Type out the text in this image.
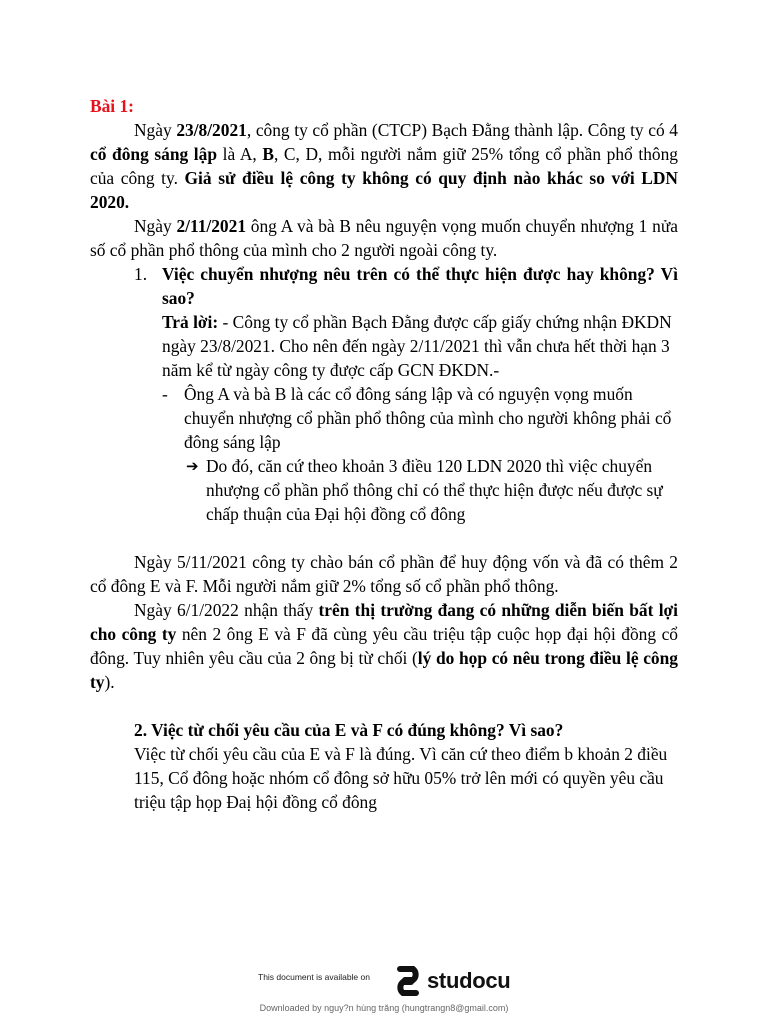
Bài 1:

Ngày 23/8/2021, công ty cổ phần (CTCP) Bạch Đằng thành lập. Công ty có 4 cổ đông sáng lập là A, B, C, D, mỗi người nắm giữ 25% tổng cổ phần phổ thông của công ty. Giả sử điều lệ công ty không có quy định nào khác so với LDN 2020.

Ngày 2/11/2021 ông A và bà B nêu nguyện vọng muốn chuyển nhượng 1 nửa số cổ phần phổ thông của mình cho 2 người ngoài công ty.

1. Việc chuyển nhượng nêu trên có thể thực hiện được hay không? Vì sao?
Trả lời: - Công ty cổ phần Bạch Đằng được cấp giấy chứng nhận ĐKDN ngày 23/8/2021. Cho nên đến ngày 2/11/2021 thì vẫn chưa hết thời hạn 3 năm kể từ ngày công ty được cấp GCN ĐKDN.-
- Ông A và bà B là các cổ đông sáng lập và có nguyện vọng muốn chuyển nhượng cổ phần phổ thông của mình cho người không phải cổ đông sáng lập
➔ Do đó, căn cứ theo khoản 3 điều 120 LDN 2020 thì việc chuyển nhượng cổ phần phổ thông chỉ có thể thực hiện được nếu được sự chấp thuận của Đại hội đồng cổ đông

Ngày 5/11/2021 công ty chào bán cổ phần để huy động vốn và đã có thêm 2 cổ đông E và F. Mỗi người nắm giữ 2% tổng số cổ phần phổ thông.

Ngày 6/1/2022 nhận thấy trên thị trường đang có những diễn biến bất lợi cho công ty nên 2 ông E và F đã cùng yêu cầu triệu tập cuộc họp đại hội đồng cổ đông. Tuy nhiên yêu cầu của 2 ông bị từ chối (lý do họp có nêu trong điều lệ công ty).

2. Việc từ chối yêu cầu của E và F có đúng không? Vì sao?
Việc từ chối yêu cầu của E và F là đúng. Vì căn cứ theo điểm b khoản 2 điều 115, Cổ đông hoặc nhóm cổ đông sở hữu 05% trở lên mới có quyền yêu cầu triệu tập họp Đaị hội đồng cổ đông
This document is available on	studocu
Downloaded by nguy?n hùng trăng (hungtrangn8@gmail.com)
